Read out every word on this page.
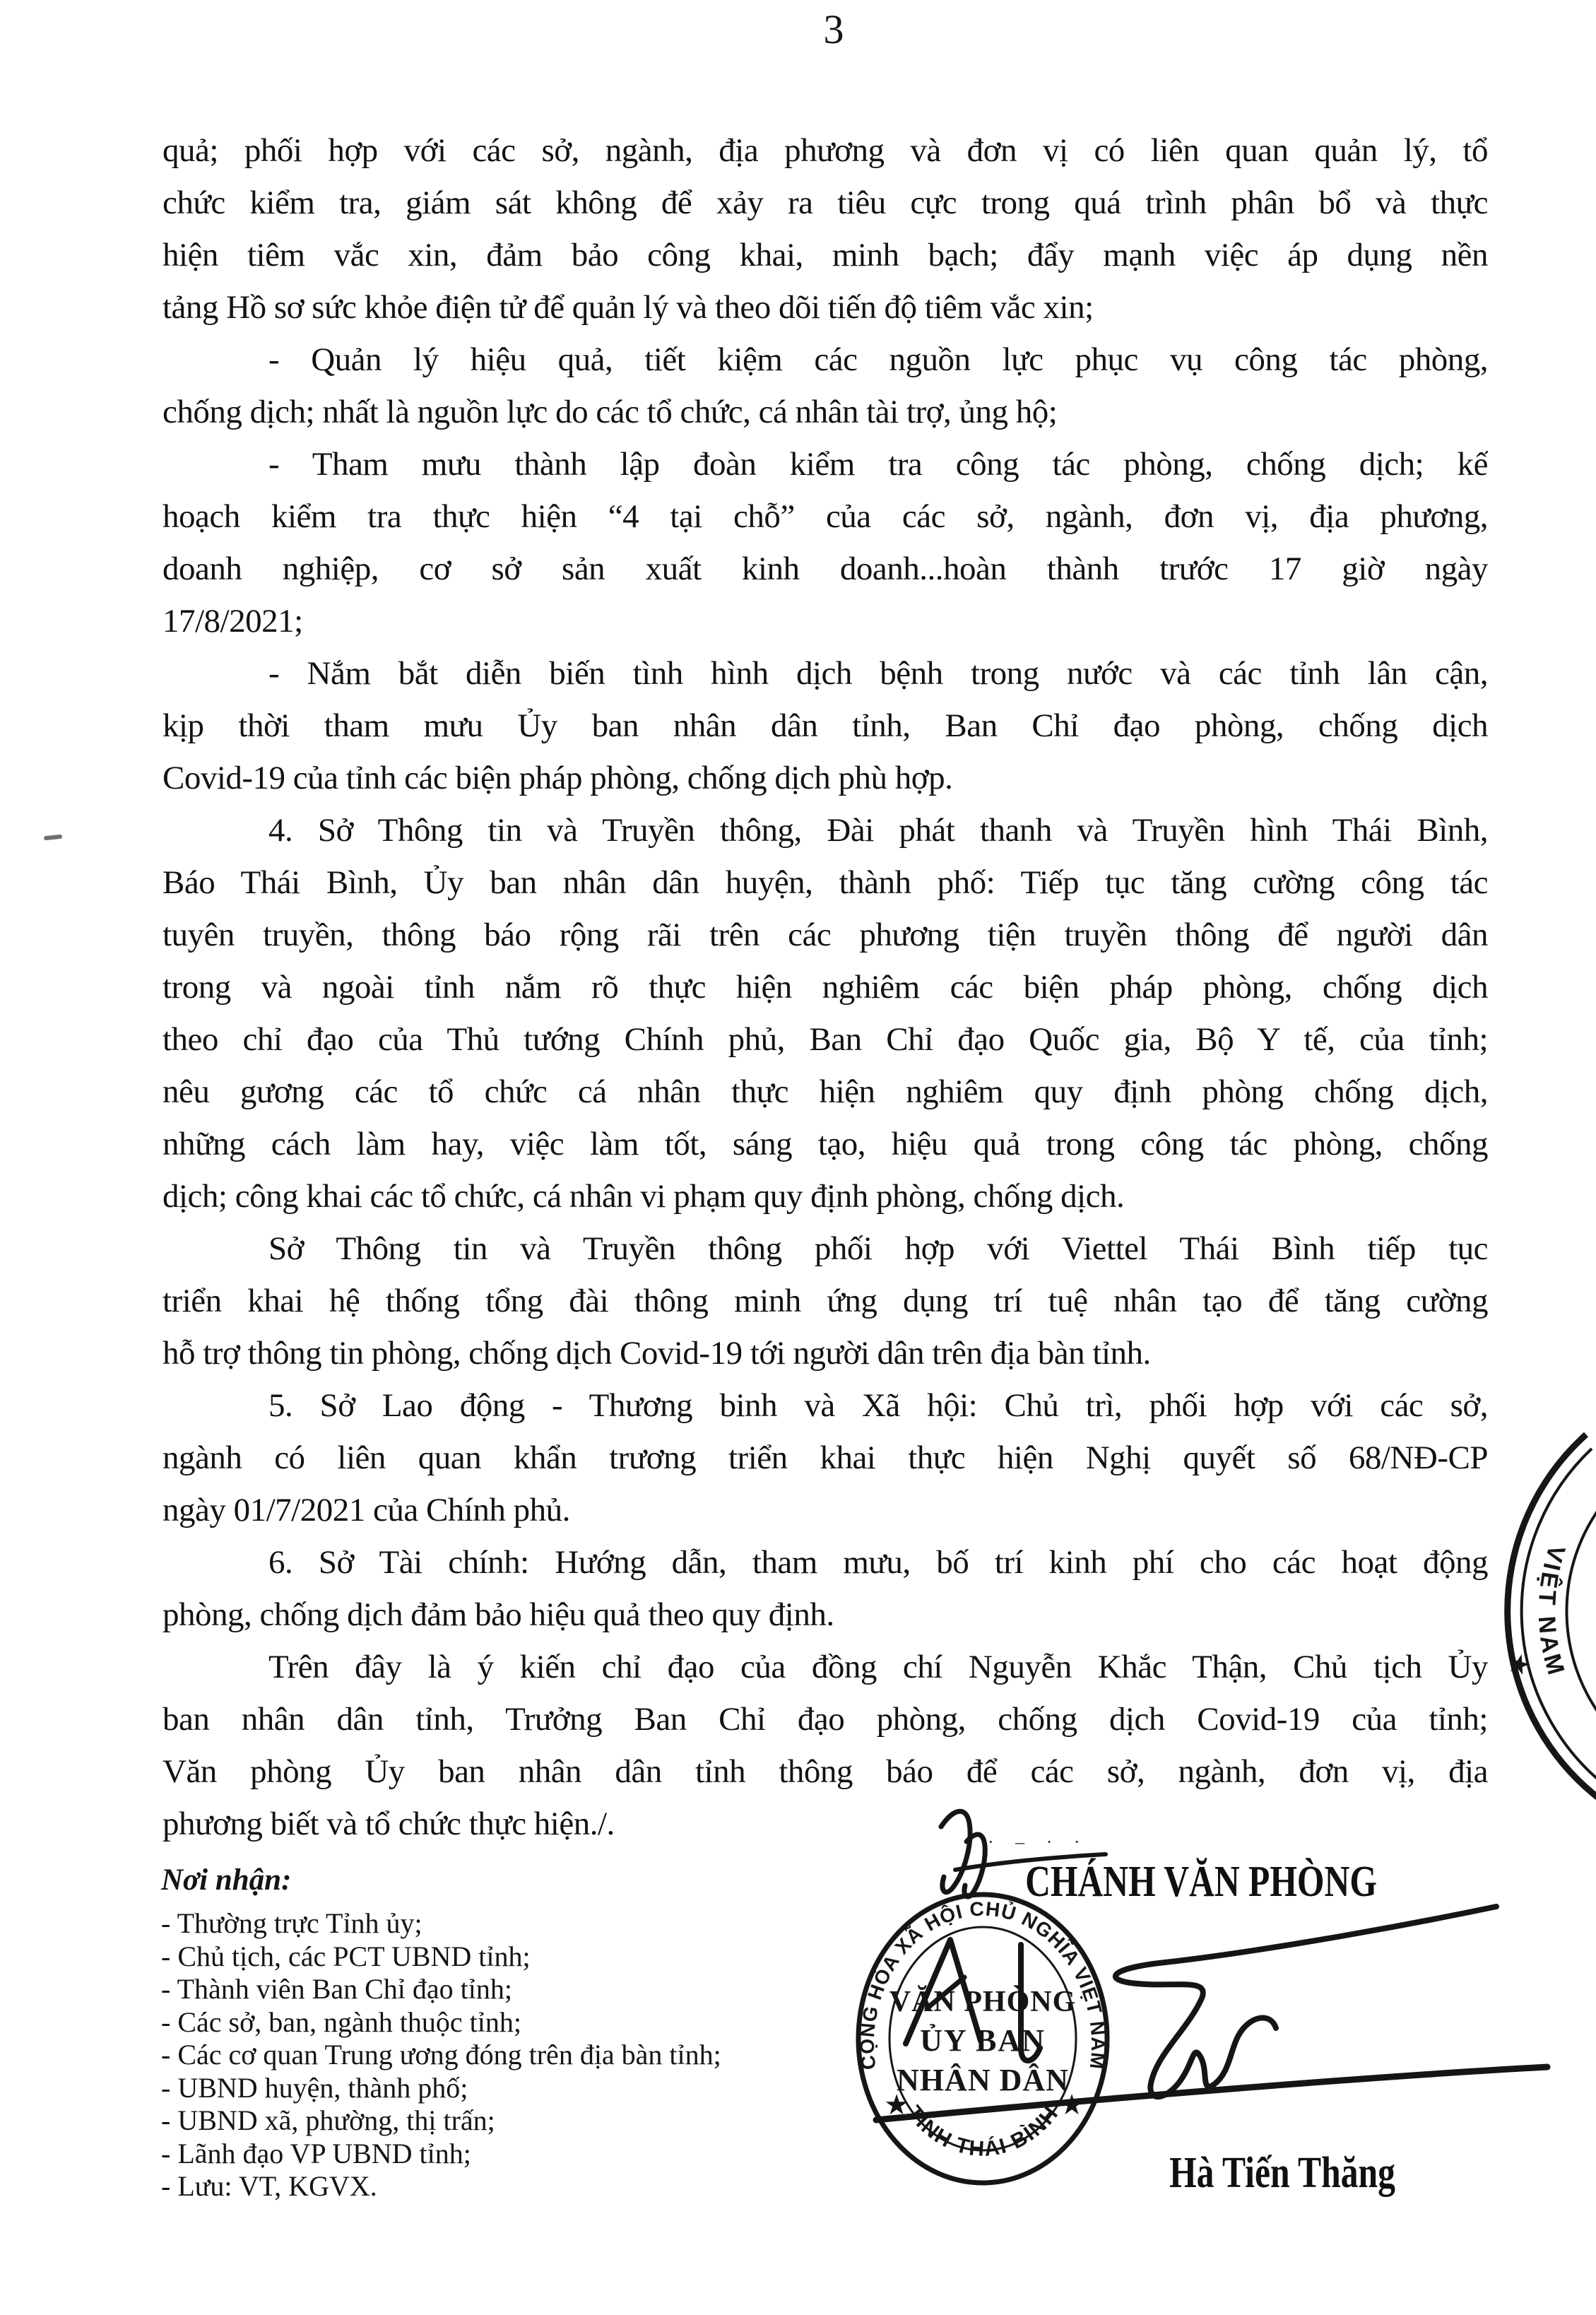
3
quả; phối hợp với các sở, ngành, địa phương và đơn vị có liên quan quản lý, tổ
chức kiểm tra, giám sát không để xảy ra tiêu cực trong quá trình phân bổ và thực
hiện tiêm vắc xin, đảm bảo công khai, minh bạch; đẩy mạnh việc áp dụng nền
tảng Hồ sơ sức khỏe điện tử để quản lý và theo dõi tiến độ tiêm vắc xin;
- Quản lý hiệu quả, tiết kiệm các nguồn lực phục vụ công tác phòng,
chống dịch; nhất là nguồn lực do các tổ chức, cá nhân tài trợ, ủng hộ;
- Tham mưu thành lập đoàn kiểm tra công tác phòng, chống dịch; kế
hoạch kiểm tra thực hiện “4 tại chỗ” của các sở, ngành, đơn vị, địa phương,
doanh nghiệp, cơ sở sản xuất kinh doanh...hoàn thành trước 17 giờ ngày
17/8/2021;
- Nắm bắt diễn biến tình hình dịch bệnh trong nước và các tỉnh lân cận,
kịp thời tham mưu Ủy ban nhân dân tỉnh, Ban Chỉ đạo phòng, chống dịch
Covid-19 của tỉnh các biện pháp phòng, chống dịch phù hợp.
4. Sở Thông tin và Truyền thông, Đài phát thanh và Truyền hình Thái Bình,
Báo Thái Bình, Ủy ban nhân dân huyện, thành phố: Tiếp tục tăng cường công tác
tuyên truyền, thông báo rộng rãi trên các phương tiện truyền thông để người dân
trong và ngoài tỉnh nắm rõ thực hiện nghiêm các biện pháp phòng, chống dịch
theo chỉ đạo của Thủ tướng Chính phủ, Ban Chỉ đạo Quốc gia, Bộ Y tế, của tỉnh;
nêu gương các tổ chức cá nhân thực hiện nghiêm quy định phòng chống dịch,
những cách làm hay, việc làm tốt, sáng tạo, hiệu quả trong công tác phòng, chống
dịch; công khai các tổ chức, cá nhân vi phạm quy định phòng, chống dịch.
Sở Thông tin và Truyền thông phối hợp với Viettel Thái Bình tiếp tục
triển khai hệ thống tổng đài thông minh ứng dụng trí tuệ nhân tạo để tăng cường
hỗ trợ thông tin phòng, chống dịch Covid-19 tới người dân trên địa bàn tỉnh.
5. Sở Lao động - Thương binh và Xã hội: Chủ trì, phối hợp với các sở,
ngành có liên quan khẩn trương triển khai thực hiện Nghị quyết số 68/NĐ-CP
ngày 01/7/2021 của Chính phủ.
6. Sở Tài chính: Hướng dẫn, tham mưu, bố trí kinh phí cho các hoạt động
phòng, chống dịch đảm bảo hiệu quả theo quy định.
Trên đây là ý kiến chỉ đạo của đồng chí Nguyễn Khắc Thận, Chủ tịch Ủy
ban nhân dân tỉnh, Trưởng Ban Chỉ đạo phòng, chống dịch Covid-19 của tỉnh;
Văn phòng Ủy ban nhân dân tỉnh thông báo để các sở, ngành, đơn vị, địa
phương biết và tổ chức thực hiện./.
Nơi nhận:
- Thường trực Tỉnh ủy;
- Chủ tịch, các PCT UBND tỉnh;
- Thành viên Ban Chỉ đạo tỉnh;
- Các sở, ban, ngành thuộc tỉnh;
- Các cơ quan Trung ương đóng trên địa bàn tỉnh;
- UBND huyện, thành phố;
- UBND xã, phường, thị trấn;
- Lãnh đạo VP UBND tỉnh;
- Lưu: VT, KGVX.
· – · ·
CHÁNH VĂN PHÒNG
Hà Tiến Thăng
CỘNG HÒA XÃ HỘI CHỦ NGHĨA VIỆT NAM
TỈNH THÁI BÌNH
★	★
VĂN PHÒNG
ỦY BAN
NHÂN DÂN
VIỆT NAM
★
